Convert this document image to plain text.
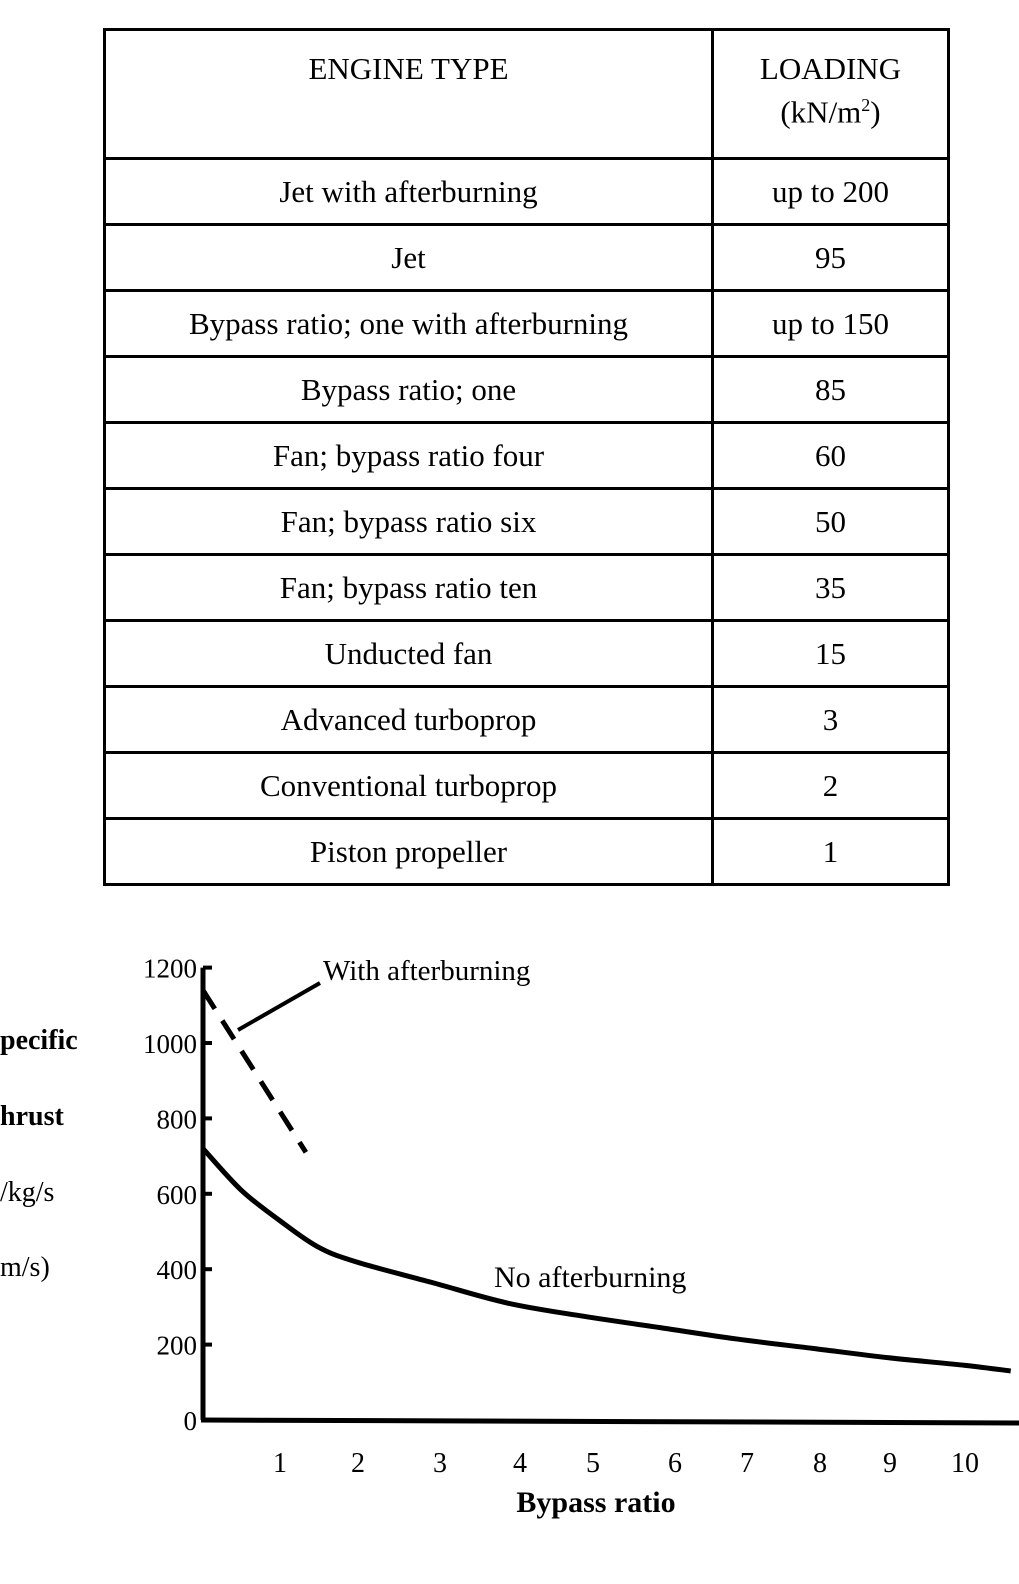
ENGINE TYPE	LOADING
$(kN/m^2)$

Jet with afterburning	up to 200
Jet	95
Bypass ratio; one with afterburning	up to 150
Bypass ratio; one	85
Fan; bypass ratio four	60
Fan; bypass ratio six	50
Fan; bypass ratio ten	35
Unducted fan	15
Advanced turboprop	3
Conventional turboprop	2
Piston propeller	1
pecific
hrust
/kg/s
m/s)
0
200
400
600
800
1000
1200
1 2 3 4 5 6 7 8 9 10
Bypass ratio
With afterburning
No afterburning
